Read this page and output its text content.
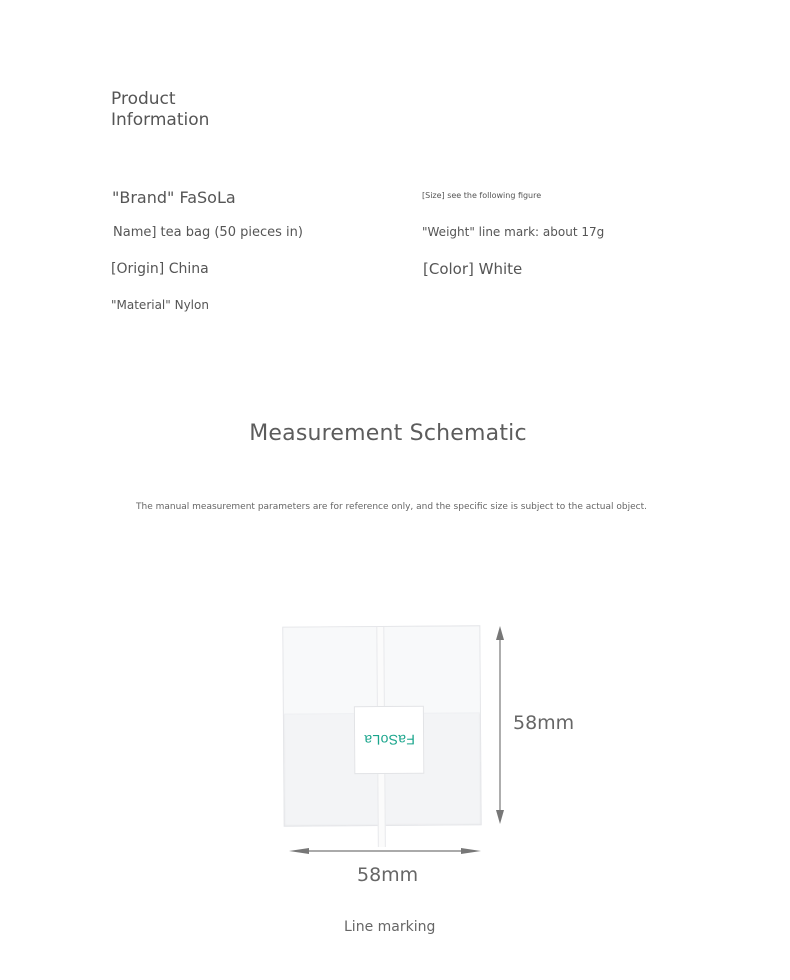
Product
Information
"Brand" FaSoLa
Name] tea bag (50 pieces in)
[Origin] China
"Material" Nylon
[Size] see the following figure
"Weight" line mark: about 17g
[Color] White
Measurement Schematic
The manual measurement parameters are for reference only, and the specific size is subject to the actual object.
FaSoLa
58mm
58mm
Line marking
